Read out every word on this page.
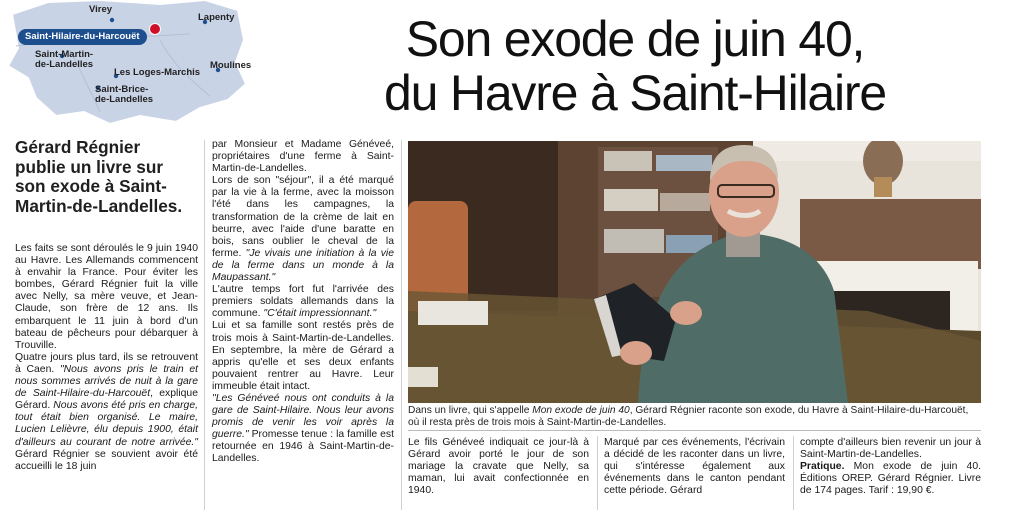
Virey
Lapenty
Saint-Hilaire-du-Harcouët
Saint-Martin-
de-Landelles
Les Loges-Marchis
Moulines
Saint-Brice-
de-Landelles
Son exode de juin 40,
du Havre à Saint-Hilaire
Gérard Régnier publie un livre sur son exode à Saint-Martin-de-Landelles.

Les faits se sont déroulés le 9 juin 1940 au Havre. Les Allemands commencent à envahir la France. Pour éviter les bombes, Gérard Régnier fuit la ville avec Nelly, sa mère veuve, et Jean-Claude, son frère de 12 ans. Ils embarquent le 11 juin à bord d'un bateau de pêcheurs pour débarquer à Trouville.

Quatre jours plus tard, ils se retrouvent à Caen. "Nous avons pris le train et nous sommes arrivés de nuit à la gare de Saint-Hilaire-du-Harcouët, explique Gérard. Nous avons été pris en charge, tout était bien organisé. Le maire, Lucien Lelièvre, élu depuis 1900, était d'ailleurs au courant de notre arrivée." Gérard Régnier se souvient avoir été accueilli le 18 juin

par Monsieur et Madame Généveé, propriétaires d'une ferme à Saint-Martin-de-Landelles.

Lors de son "séjour", il a été marqué par la vie à la ferme, avec la moisson l'été dans les campagnes, la transformation de la crème de lait en beurre, avec l'aide d'une baratte en bois, sans oublier le cheval de la ferme. "Je vivais une initiation à la vie de la ferme dans un monde à la Maupassant."

L'autre temps fort fut l'arrivée des premiers soldats allemands dans la commune. "C'était impressionnant."

Lui et sa famille sont restés près de trois mois à Saint-Martin-de-Landelles. En septembre, la mère de Gérard a appris qu'elle et ses deux enfants pouvaient rentrer au Havre. Leur immeuble était intact.

"Les Généveé nous ont conduits à la gare de Saint-Hilaire. Nous leur avons promis de venir les voir après la guerre." Promesse tenue : la famille est retournée en 1946 à Saint-Martin-de-Landelles.

Dans un livre, qui s'appelle Mon exode de juin 40, Gérard Régnier raconte son exode, du Havre à Saint-Hilaire-du-Harcouët, où il resta près de trois mois à Saint-Martin-de-Landelles.

Le fils Généveé indiquait ce jour-là à Gérard avoir porté le jour de son mariage la cravate que Nelly, sa maman, lui avait confectionnée en 1940.

Marqué par ces événements, l'écrivain a décidé de les raconter dans un livre, qui s'intéresse également aux événements dans le canton pendant cette période. Gérard

compte d'ailleurs bien revenir un jour à Saint-Martin-de-Landelles.

Pratique. Mon exode de juin 40. Éditions OREP. Gérard Régnier. Livre de 174 pages. Tarif : 19,90 €.
